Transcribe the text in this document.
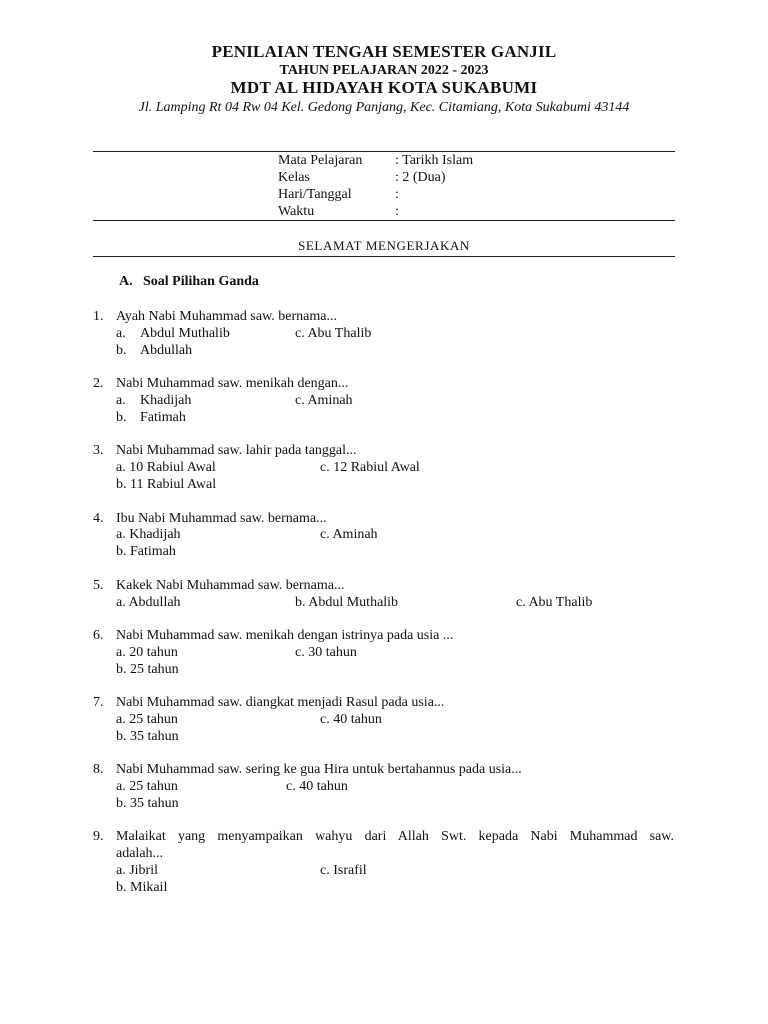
PENILAIAN TENGAH SEMESTER GANJIL
TAHUN PELAJARAN 2022 - 2023
MDT AL HIDAYAH KOTA SUKABUMI
Jl. Lamping Rt 04 Rw 04 Kel. Gedong Panjang, Kec. Citamiang, Kota Sukabumi 43144
Mata Pelajaran : Tarikh Islam
Kelas	: 2 (Dua)
Hari/Tanggal	:
Waktu	:
SELAMAT MENGERJAKAN
A. Soal Pilihan Ganda
1. Ayah Nabi Muhammad saw. bernama...
a. Abdul Muthalib	c. Abu Thalib
b. Abdullah
2. Nabi Muhammad saw. menikah dengan...
a. Khadijah	c. Aminah
b. Fatimah
3. Nabi Muhammad saw. lahir pada tanggal...
a. 10 Rabiul Awal	c. 12 Rabiul Awal
b. 11 Rabiul Awal
4. Ibu Nabi Muhammad saw. bernama...
a. Khadijah	c. Aminah
b. Fatimah
5. Kakek Nabi Muhammad saw. bernama...
a. Abdullah	b. Abdul Muthalib	c. Abu Thalib
6. Nabi Muhammad saw. menikah dengan istrinya pada usia ...
a. 20 tahun	c. 30 tahun
b. 25 tahun
7. Nabi Muhammad saw. diangkat menjadi Rasul pada usia...
a. 25 tahun	c. 40 tahun
b. 35 tahun
8. Nabi Muhammad saw. sering ke gua Hira untuk bertahannus pada usia...
a. 25 tahun	c. 40 tahun
b. 35 tahun
9. Malaikat yang menyampaikan wahyu dari Allah Swt. kepada Nabi Muhammad saw.
adalah...
a. Jibril	c. Israfil
b. Mikail
